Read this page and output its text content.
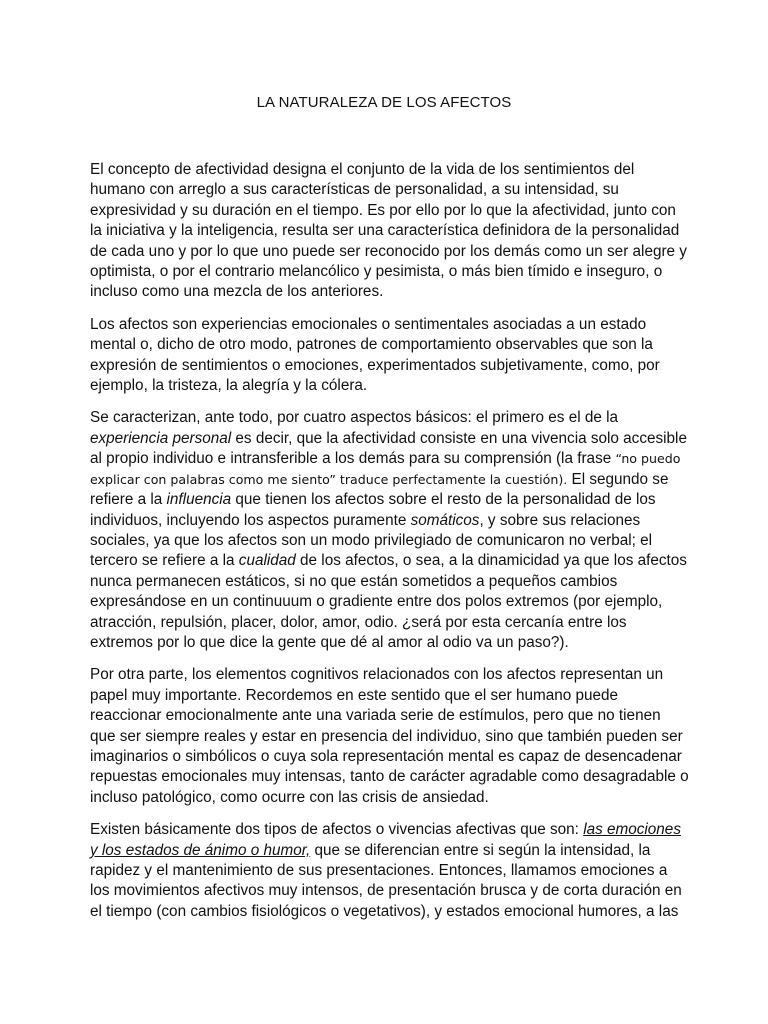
LA NATURALEZA DE LOS AFECTOS

El concepto de afectividad designa el conjunto de la vida de los sentimientos del humano con arreglo a sus características de personalidad, a su intensidad, su expresividad y su duración en el tiempo. Es por ello por lo que la afectividad, junto con la iniciativa y la inteligencia, resulta ser una característica definidora de la personalidad de cada uno y por lo que uno puede ser reconocido por los demás como un ser alegre y optimista, o por el contrario melancólico y pesimista, o más bien tímido e inseguro, o incluso como una mezcla de los anteriores.

Los afectos son experiencias emocionales o sentimentales asociadas a un estado mental o, dicho de otro modo, patrones de comportamiento observables que son la expresión de sentimientos o emociones, experimentados subjetivamente, como, por ejemplo, la tristeza, la alegría y la cólera.

Se caracterizan, ante todo, por cuatro aspectos básicos: el primero es el de la experiencia personal es decir, que la afectividad consiste en una vivencia solo accesible al propio individuo e intransferible a los demás para su comprensión (la frase “no puedo explicar con palabras como me siento” traduce perfectamente la cuestión). El segundo se refiere a la influencia que tienen los afectos sobre el resto de la personalidad de los individuos, incluyendo los aspectos puramente somáticos, y sobre sus relaciones sociales, ya que los afectos son un modo privilegiado de comunicaron no verbal; el tercero se refiere a la cualidad de los afectos, o sea, a la dinamicidad ya que los afectos nunca permanecen estáticos, si no que están sometidos a pequeños cambios expresándose en un continuuum o gradiente entre dos polos extremos (por ejemplo, atracción, repulsión, placer, dolor, amor, odio. ¿será por esta cercanía entre los extremos por lo que dice la gente que dé al amor al odio va un paso?).

Por otra parte, los elementos cognitivos relacionados con los afectos representan un papel muy importante. Recordemos en este sentido que el ser humano puede reaccionar emocionalmente ante una variada serie de estímulos, pero que no tienen que ser siempre reales y estar en presencia del individuo, sino que también pueden ser imaginarios o simbólicos o cuya sola representación mental es capaz de desencadenar repuestas emocionales muy intensas, tanto de carácter agradable como desagradable o incluso patológico, como ocurre con las crisis de ansiedad.

Existen básicamente dos tipos de afectos o vivencias afectivas que son: las emociones y los estados de ánimo o humor, que se diferencian entre si según la intensidad, la rapidez y el mantenimiento de sus presentaciones. Entonces, llamamos emociones a los movimientos afectivos muy intensos, de presentación brusca y de corta duración en el tiempo (con cambios fisiológicos o vegetativos), y estados emocional humores, a las
